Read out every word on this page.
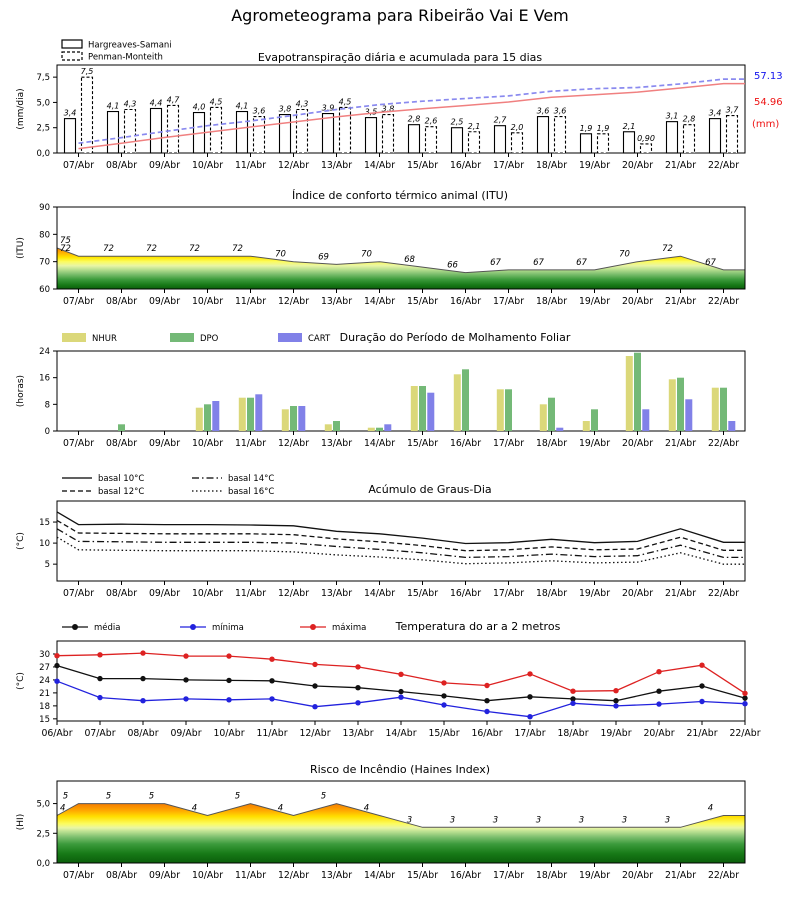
Agrometeograma para Ribeirão Vai E Vem
Evapotranspiração diária e acumulada para 15 dias
Hargreaves-Samani
Penman-Monteith
0,0
2,5
5,0
7,5
(mm/dia)
07/Abr 08/Abr 09/Abr 10/Abr 11/Abr 12/Abr 13/Abr 14/Abr 15/Abr 16/Abr 17/Abr 18/Abr 19/Abr 20/Abr 21/Abr 22/Abr
3,4
7,5
4,1 4,3 4,4 4,7
4,0
4,5 4,1
3,6 3,8
4,3 3,9
4,5
3,5 3,8
2,8 2,6 2,5 2,1
2,7
2,0
3,6 3,6
1,9 1,9 2,1
0,90
3,1 2,8
3,4 3,7
57.13
54.96
(mm)
Índice de conforto térmico animal (ITU)
60
70
80
90
(ITU)
07/Abr 08/Abr 09/Abr 10/Abr 11/Abr 12/Abr 13/Abr 14/Abr 15/Abr 16/Abr 17/Abr 18/Abr 19/Abr 20/Abr 21/Abr 22/Abr
75
72	72	72	72	72
70	69	70
68
66	67	67	67
70
72
67
NHUR	DPO	CART Duração do Período de Molhamento Foliar
0
8
16
24
(horas)
07/Abr 08/Abr 09/Abr 10/Abr 11/Abr 12/Abr 13/Abr 14/Abr 15/Abr 16/Abr 17/Abr 18/Abr 19/Abr 20/Abr 21/Abr 22/Abr
basal 10°C
basal 12°C
basal 14°C
basal 16°C	Acúmulo de Graus-Dia
5
10
15
(°C)
07/Abr 08/Abr 09/Abr 10/Abr 11/Abr 12/Abr 13/Abr 14/Abr 15/Abr 16/Abr 17/Abr 18/Abr 19/Abr 20/Abr 21/Abr 22/Abr
média	mínima	máxima	Temperatura do ar a 2 metros
15
18
21
24
27
30
(°C)
06/Abr 07/Abr 08/Abr 09/Abr 10/Abr 11/Abr 12/Abr 13/Abr 14/Abr 15/Abr 16/Abr 17/Abr 18/Abr 19/Abr 20/Abr 21/Abr 22/Abr
Risco de Incêndio (Haines Index)
0,0
2,5
5,0
(HI)
07/Abr 08/Abr 09/Abr 10/Abr 11/Abr 12/Abr 13/Abr 14/Abr 15/Abr 16/Abr 17/Abr 18/Abr 19/Abr 20/Abr 21/Abr 22/Abr
4
5	5	5
4
5
4
5
4
3	3	3	3	3	3	3
4
